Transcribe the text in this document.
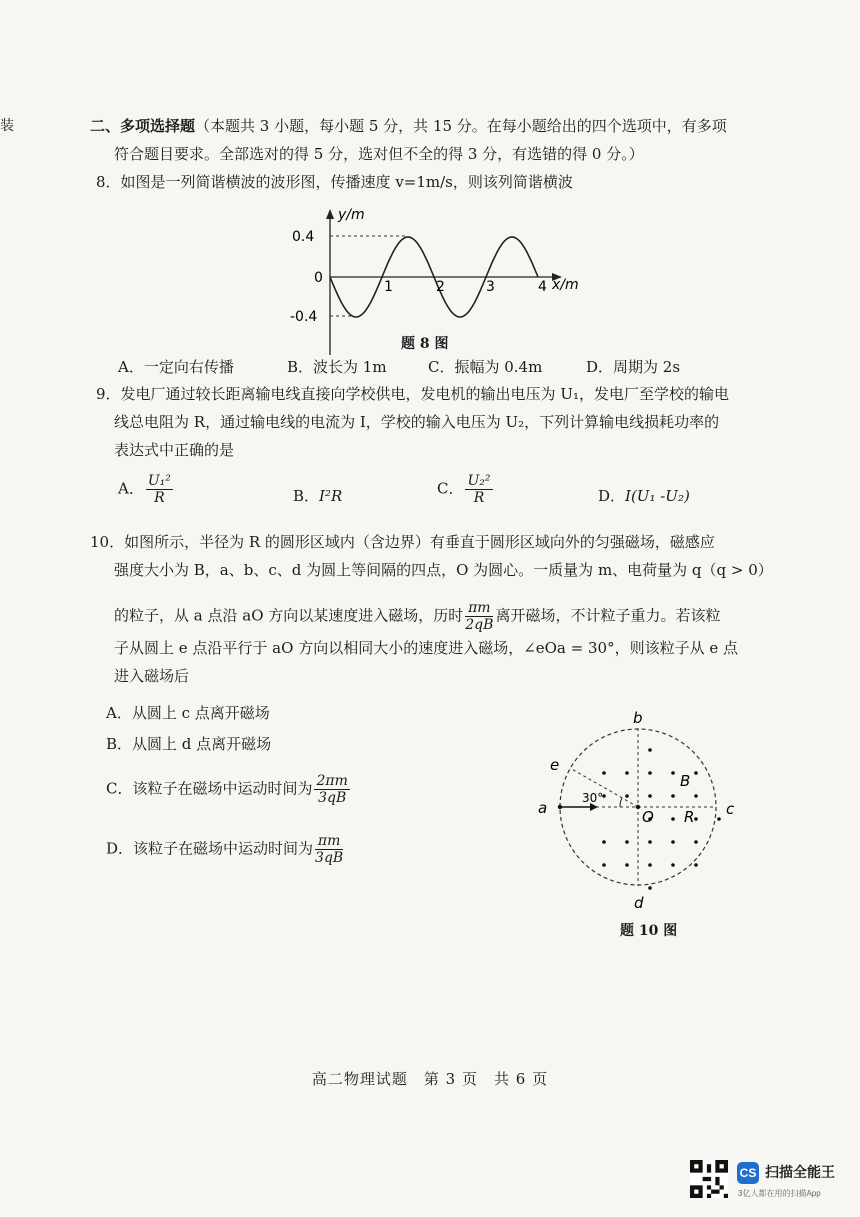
装	二、多项选择题（本题共 3 小题，每小题 5 分，共 15 分。在每小题给出的四个选项中，有多项
符合题目要求。全部选对的得 5 分，选对但不全的得 3 分，有选错的得 0 分。）
8．如图是一列简谐横波的波形图，传播速度 v=1m/s，则该列简谐横波
y/m
x/m
0.4
0
-0.4
1	2	3	4
题 8 图
A．一定向右传播	B．波长为 1m	C．振幅为 0.4m	D．周期为 2s
9．发电厂通过较长距离输电线直接向学校供电，发电机的输出电压为 U₁，发电厂至学校的输电
线总电阻为 R，通过输电线的电流为 I，学校的输入电压为 U₂，下列计算输电线损耗功率的
表达式中正确的是
A． $\frac{\text{U₁²}}{R}$	B．I²R	C． $\frac{\text{U₂²}}{R}$	D．I(U₁ -U₂)
10．如图所示，半径为 R 的圆形区域内（含边界）有垂直于圆形区域向外的匀强磁场，磁感应
强度大小为 B，a、b、c、d 为圆上等间隔的四点，O 为圆心。一质量为 m、电荷量为 q（q > 0）
的粒子，从 a 点沿 aO 方向以某速度进入磁场，历时 $\frac{\pi m}{2qB}$ 离开磁场，不计粒子重力。若该粒
子从圆上 e 点沿平行于 aO 方向以相同大小的速度进入磁场，∠eOa = 30°，则该粒子从 e 点
进入磁场后
A．从圆上 c 点离开磁场
B．从圆上 d 点离开磁场
C．该粒子在磁场中运动时间为 $\frac{2\pi m}{3qB}$
D．该粒子在磁场中运动时间为 $\frac{\pi m}{3qB}$
a
b
c
d
e
O
B
R
30°
题 10 图
高二物理试题　第 3 页　共 6 页
CS 扫描全能王
3亿人都在用的扫描App
